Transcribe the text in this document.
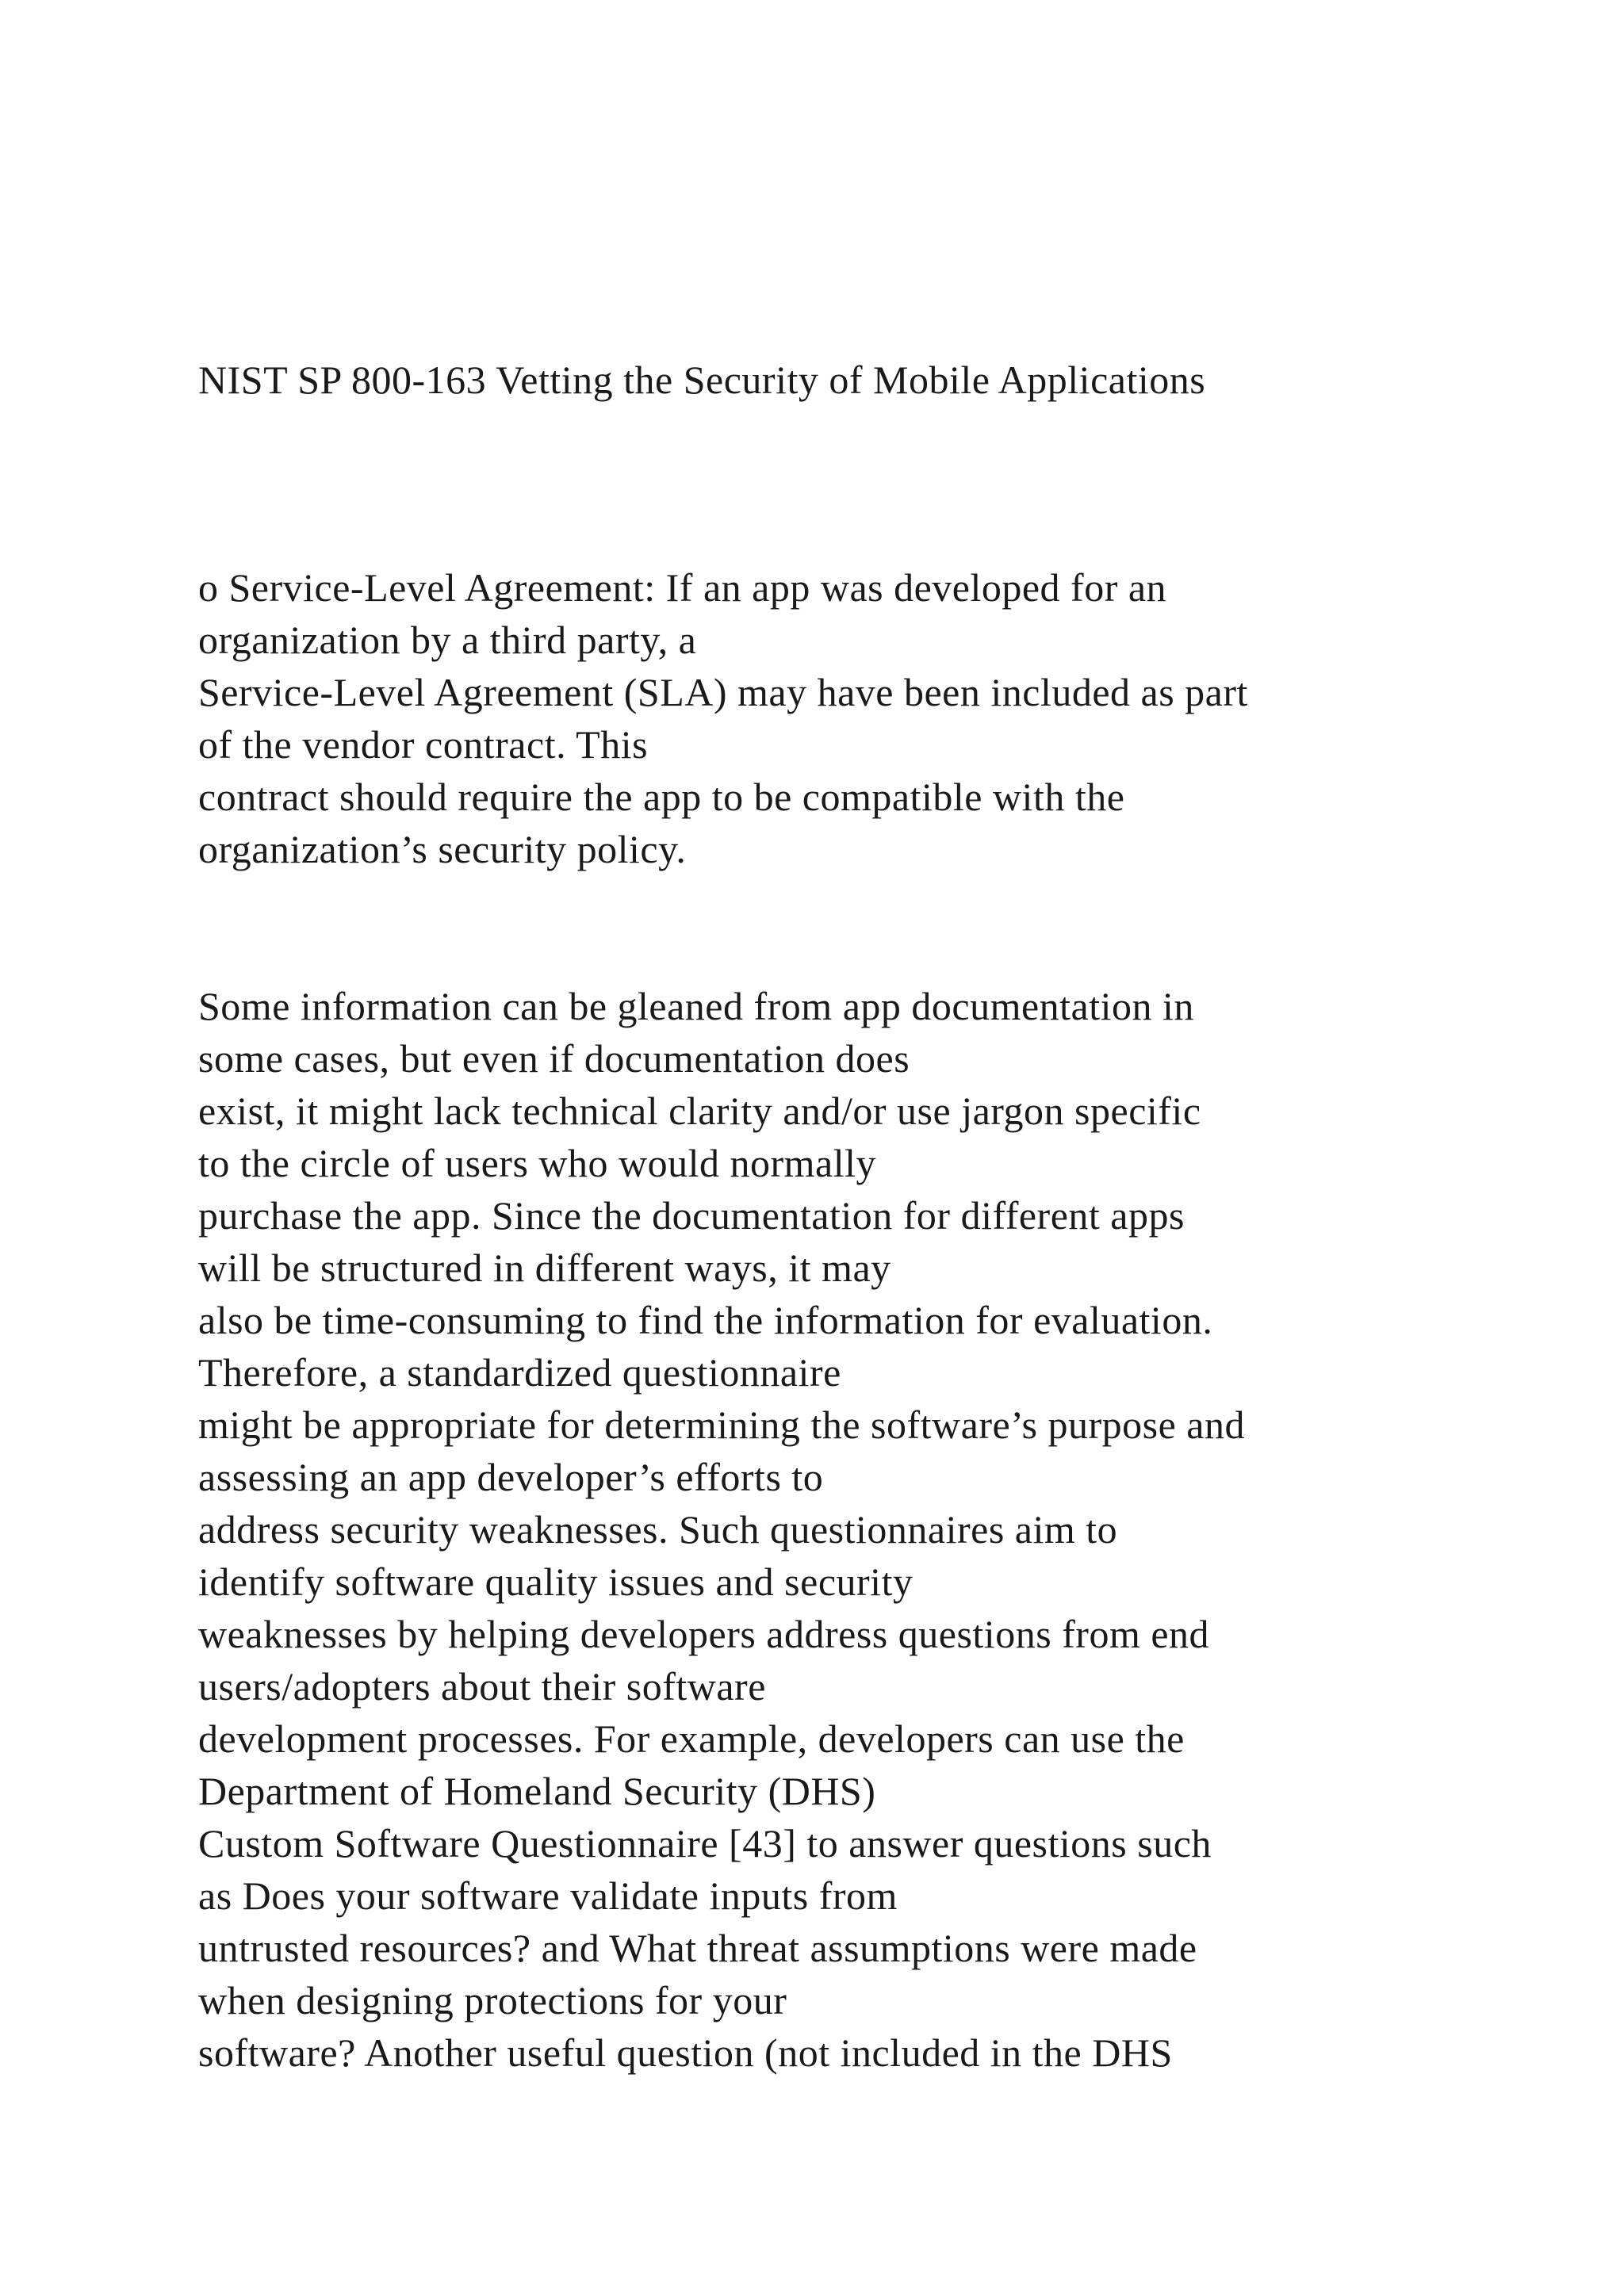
NIST SP 800-163 Vetting the Security of Mobile Applications

o Service-Level Agreement: If an app was developed for an

organization by a third party, a

Service-Level Agreement (SLA) may have been included as part

of the vendor contract. This

contract should require the app to be compatible with the

organization’s security policy.

Some information can be gleaned from app documentation in

some cases, but even if documentation does

exist, it might lack technical clarity and/or use jargon specific

to the circle of users who would normally

purchase the app. Since the documentation for different apps

will be structured in different ways, it may

also be time-consuming to find the information for evaluation.

Therefore, a standardized questionnaire

might be appropriate for determining the software’s purpose and

assessing an app developer’s efforts to

address security weaknesses. Such questionnaires aim to

identify software quality issues and security

weaknesses by helping developers address questions from end

users/adopters about their software

development processes. For example, developers can use the

Department of Homeland Security (DHS)

Custom Software Questionnaire [43] to answer questions such

as Does your software validate inputs from

untrusted resources? and What threat assumptions were made

when designing protections for your

software? Another useful question (not included in the DHS
